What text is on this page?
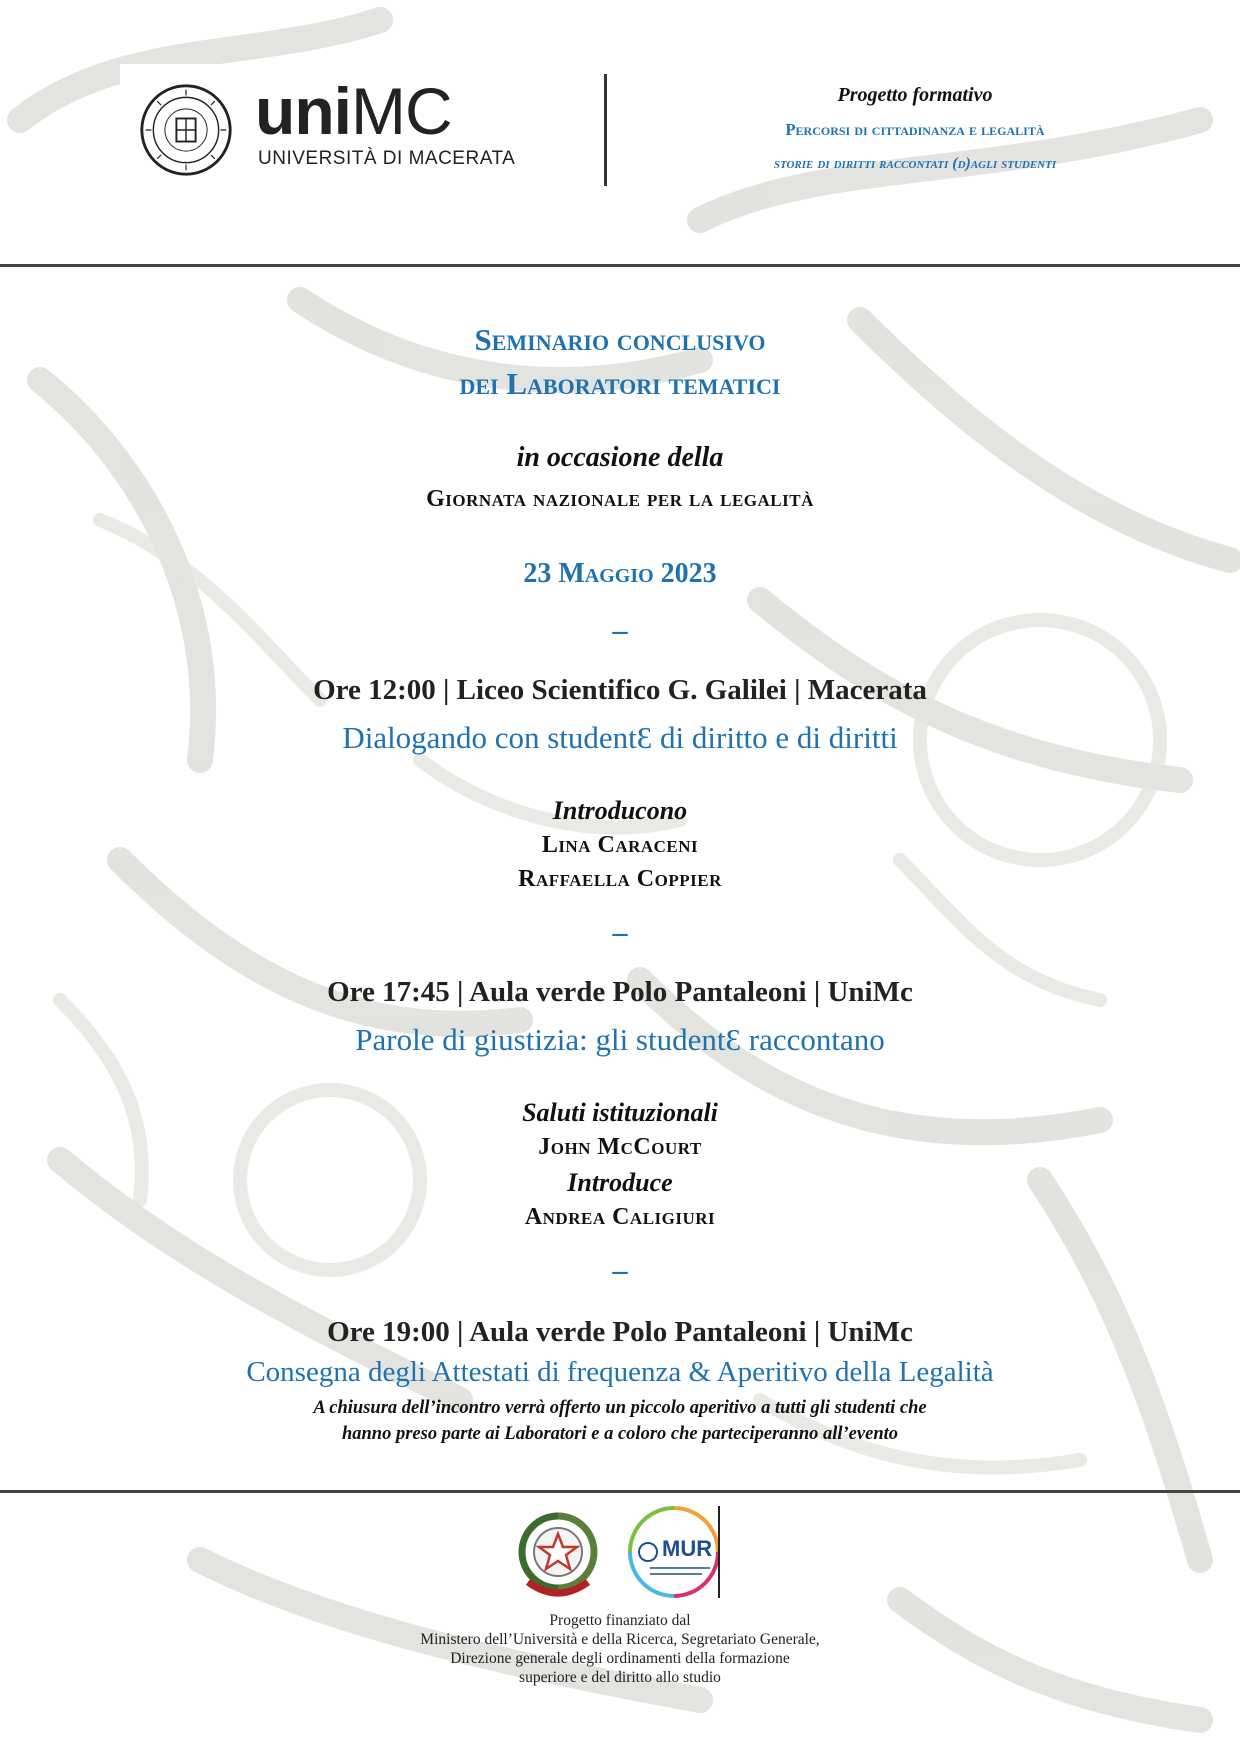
uniMC
UNIVERSITÀ DI MACERATA
Progetto formativo
Percorsi di cittadinanza e legalità
storie di diritti raccontati (d)agli studenti
Seminario conclusivo
dei Laboratori tematici
in occasione della
Giornata nazionale per la legalità
23 Maggio 2023
–
Ore 12:00 | Liceo Scientifico G. Galilei | Macerata
Dialogando con studentƐ di diritto e di diritti
Introducono
Lina Caraceni
Raffaella Coppier
–
Ore 17:45 | Aula verde Polo Pantaleoni | UniMc
Parole di giustizia: gli studentƐ raccontano
Saluti istituzionali
John McCourt
Introduce
Andrea Caligiuri
–
Ore 19:00 | Aula verde Polo Pantaleoni | UniMc
Consegna degli Attestati di frequenza & Aperitivo della Legalità
A chiusura dell’incontro verrà offerto un piccolo aperitivo a tutti gli studenti che
hanno preso parte ai Laboratori e a coloro che parteciperanno all’evento
MUR
Progetto finanziato dal
Ministero dell’Università e della Ricerca, Segretariato Generale,
Direzione generale degli ordinamenti della formazione
superiore e del diritto allo studio
